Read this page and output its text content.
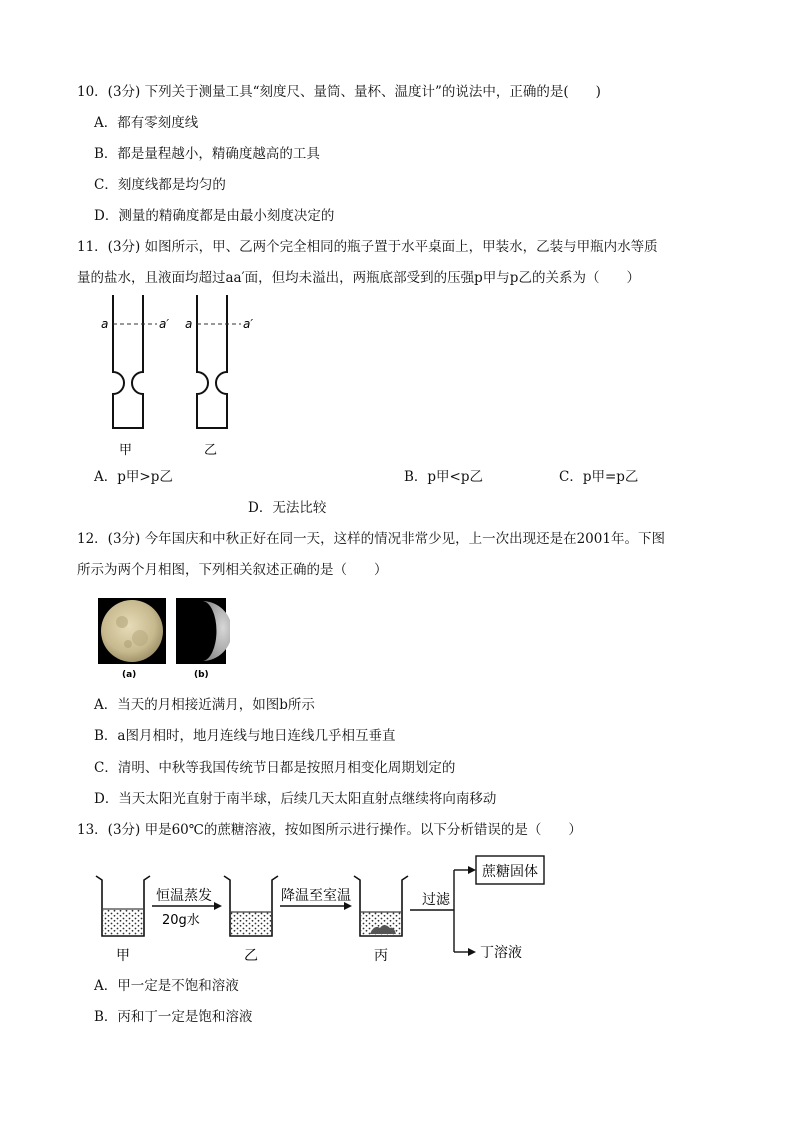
10．(3分) 下列关于测量工具“刻度尺、量筒、量杯、温度计”的说法中，正确的是(　　)
A．都有零刻度线
B．都是量程越小，精确度越高的工具
C．刻度线都是均匀的
D．测量的精确度都是由最小刻度决定的
11．(3分) 如图所示，甲、乙两个完全相同的瓶子置于水平桌面上，甲装水，乙装与甲瓶内水等质
量的盐水，且液面均超过aa′面，但均未溢出，两瓶底部受到的压强p甲与p乙的关系为（　　）
a	a′ a	a′
甲	乙
A．p甲>p乙	B．p甲<p乙	C．p甲=p乙
D．无法比较
12．(3分) 今年国庆和中秋正好在同一天，这样的情况非常少见，上一次出现还是在2001年。下图
所示为两个月相图，下列相关叙述正确的是（　　）
(a)	(b)
A．当天的月相接近满月，如图b所示
B．a图月相时，地月连线与地日连线几乎相互垂直
C．清明、中秋等我国传统节日都是按照月相变化周期划定的
D．当天太阳光直射于南半球，后续几天太阳直射点继续将向南移动
13．(3分) 甲是60℃的蔗糖溶液，按如图所示进行操作。以下分析错误的是（　　）
恒温蒸发
20g水
降温至室温	过滤
蔗糖固体
丁溶液
甲	乙	丙
A．甲一定是不饱和溶液
B．丙和丁一定是饱和溶液
